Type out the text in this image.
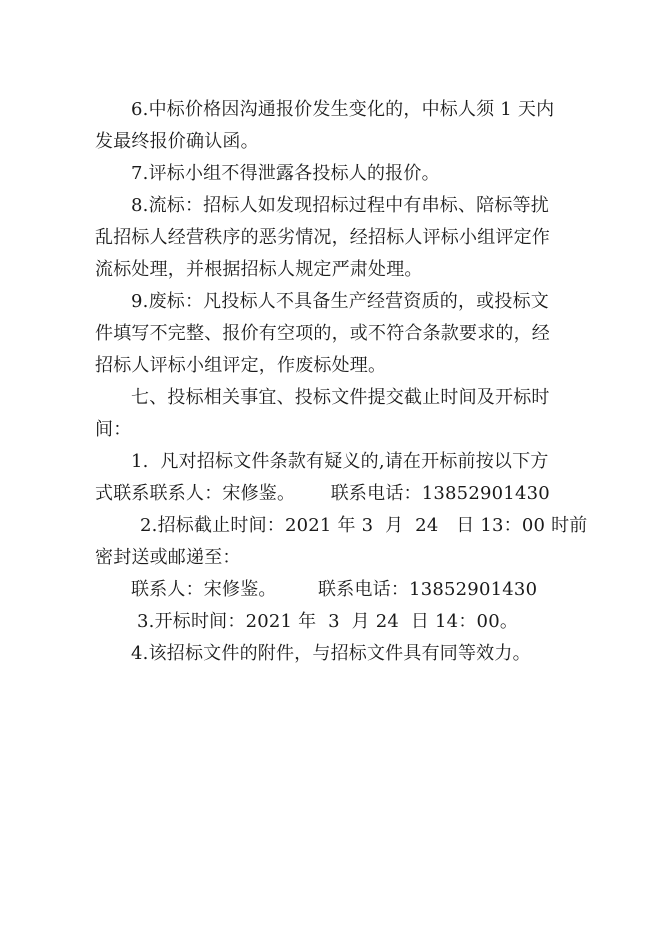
6.中标价格因沟通报价发生变化的，中标人须 1 天内
发最终报价确认函。
7.评标小组不得泄露各投标人的报价。
8.流标：招标人如发现招标过程中有串标、陪标等扰
乱招标人经营秩序的恶劣情况，经招标人评标小组评定作
流标处理，并根据招标人规定严肃处理。
9.废标：凡投标人不具备生产经营资质的，或投标文
件填写不完整、报价有空项的，或不符合条款要求的，经
招标人评标小组评定，作废标处理。
七、投标相关事宜、投标文件提交截止时间及开标时
间：
1.  凡对招标文件条款有疑义的,请在开标前按以下方
式联系联系人：宋修鉴。      联系电话：13852901430
2.招标截止时间：2021 年 3  月  24   日 13：00 时前
密封送或邮递至：
联系人：宋修鉴。       联系电话：13852901430
3.开标时间：2021 年  3  月 24  日 14：00。
4.该招标文件的附件，与招标文件具有同等效力。
